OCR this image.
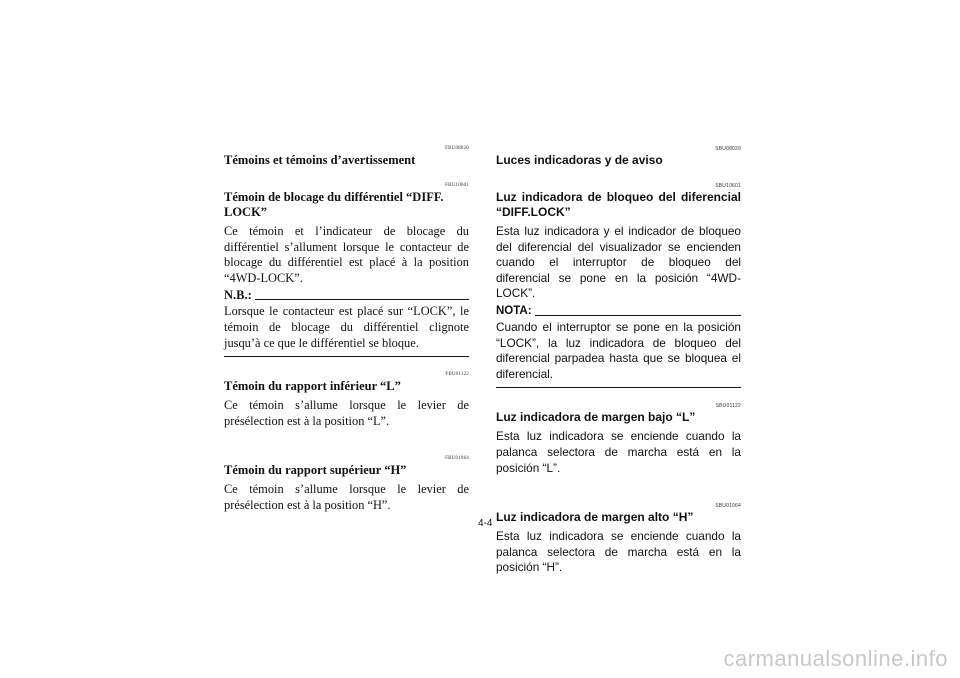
FBU08020
Témoins et témoins d’avertissement
FBU10601
Témoin de blocage du différentiel “DIFF. LOCK”

Ce témoin et l’indicateur de blocage du différentiel s’allument lorsque le contacteur de blocage du différentiel est placé à la position “4WD-LOCK”.

N.B.:

Lorsque le contacteur est placé sur “LOCK”, le témoin de blocage du différentiel clignote jusqu’à ce que le différentiel se bloque.

FBU01122
Témoin du rapport inférieur “L”

Ce témoin s’allume lorsque le levier de présélection est à la position “L”.

FBU01064
Témoin du rapport supérieur “H”

Ce témoin s’allume lorsque le levier de présélection est à la position “H”.

SBU08020
Luces indicadoras y de aviso
SBU10601
Luz indicadora de bloqueo del diferencial “DIFF.LOCK”

Esta luz indicadora y el indicador de bloqueo del diferencial del visualizador se encienden cuando el interruptor de bloqueo del diferencial se pone en la posición “4WD-LOCK”.

NOTA:

Cuando el interruptor se pone en la posición “LOCK”, la luz indicadora de bloqueo del diferencial parpadea hasta que se bloquea el diferencial.

SBU01122
Luz indicadora de margen bajo “L”

Esta luz indicadora se enciende cuando la palanca selectora de marcha está en la posición “L”.

SBU01064
Luz indicadora de margen alto “H”

Esta luz indicadora se enciende cuando la palanca selectora de marcha está en la posición “H”.

4-4
carmanualsonline.info
